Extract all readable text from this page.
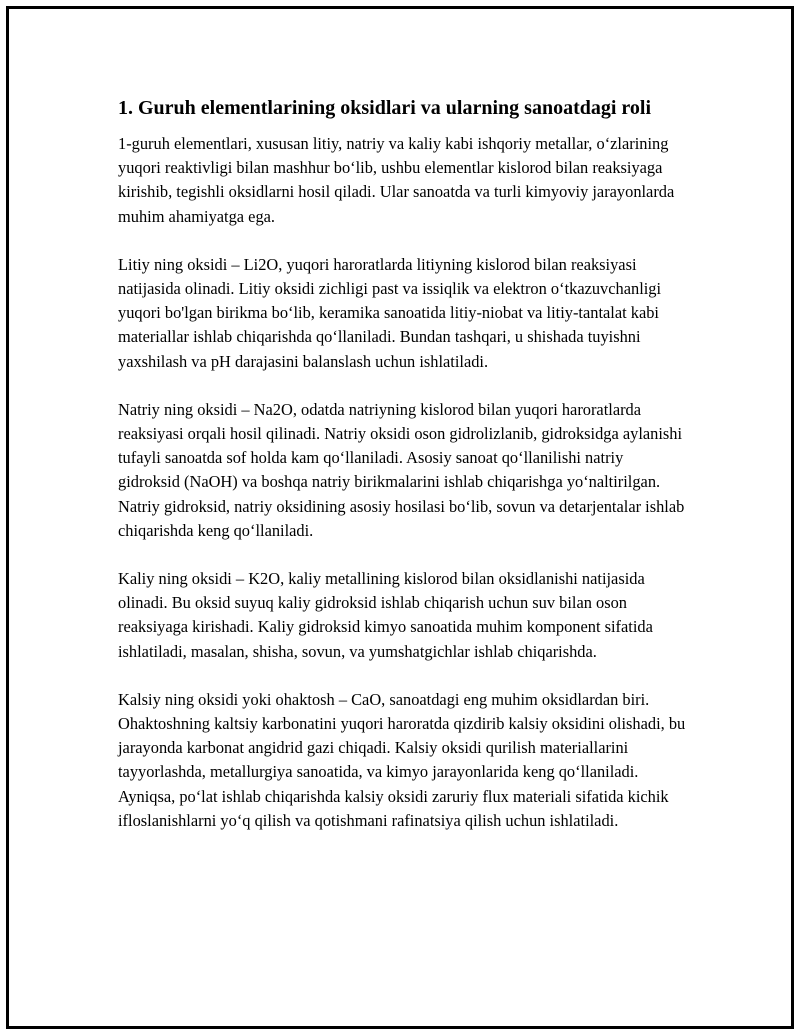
1. Guruh elementlarining oksidlari va ularning sanoatdagi roli

1-guruh elementlari, xususan litiy, natriy va kaliy kabi ishqoriy metallar, o‘zlarining yuqori reaktivligi bilan mashhur bo‘lib, ushbu elementlar kislorod bilan reaksiyaga kirishib, tegishli oksidlarni hosil qiladi. Ular sanoatda va turli kimyoviy jarayonlarda muhim ahamiyatga ega.

Litiy ning oksidi – Li2O, yuqori haroratlarda litiyning kislorod bilan reaksiyasi natijasida olinadi. Litiy oksidi zichligi past va issiqlik va elektron o‘tkazuvchanligi yuqori bo'lgan birikma bo‘lib, keramika sanoatida litiy-niobat va litiy-tantalat kabi materiallar ishlab chiqarishda qo‘llaniladi. Bundan tashqari, u shishada tuyishni yaxshilash va pH darajasini balanslash uchun ishlatiladi.

Natriy ning oksidi – Na2O, odatda natriyning kislorod bilan yuqori haroratlarda reaksiyasi orqali hosil qilinadi. Natriy oksidi oson gidrolizlanib, gidroksidga aylanishi tufayli sanoatda sof holda kam qo‘llaniladi. Asosiy sanoat qo‘llanilishi natriy gidroksid (NaOH) va boshqa natriy birikmalarini ishlab chiqarishga yo‘naltirilgan. Natriy gidroksid, natriy oksidining asosiy hosilasi bo‘lib, sovun va detarjentalar ishlab chiqarishda keng qo‘llaniladi.

Kaliy ning oksidi – K2O, kaliy metallining kislorod bilan oksidlanishi natijasida olinadi. Bu oksid suyuq kaliy gidroksid ishlab chiqarish uchun suv bilan oson reaksiyaga kirishadi. Kaliy gidroksid kimyo sanoatida muhim komponent sifatida ishlatiladi, masalan, shisha, sovun, va yumshatgichlar ishlab chiqarishda.

Kalsiy ning oksidi yoki ohaktosh – CaO, sanoatdagi eng muhim oksidlardan biri. Ohaktoshning kaltsiy karbonatini yuqori haroratda qizdirib kalsiy oksidini olishadi, bu jarayonda karbonat angidrid gazi chiqadi. Kalsiy oksidi qurilish materiallarini tayyorlashda, metallurgiya sanoatida, va kimyo jarayonlarida keng qo‘llaniladi. Ayniqsa, po‘lat ishlab chiqarishda kalsiy oksidi zaruriy flux materiali sifatida kichik ifloslanishlarni yo‘q qilish va qotishmani rafinatsiya qilish uchun ishlatiladi.
